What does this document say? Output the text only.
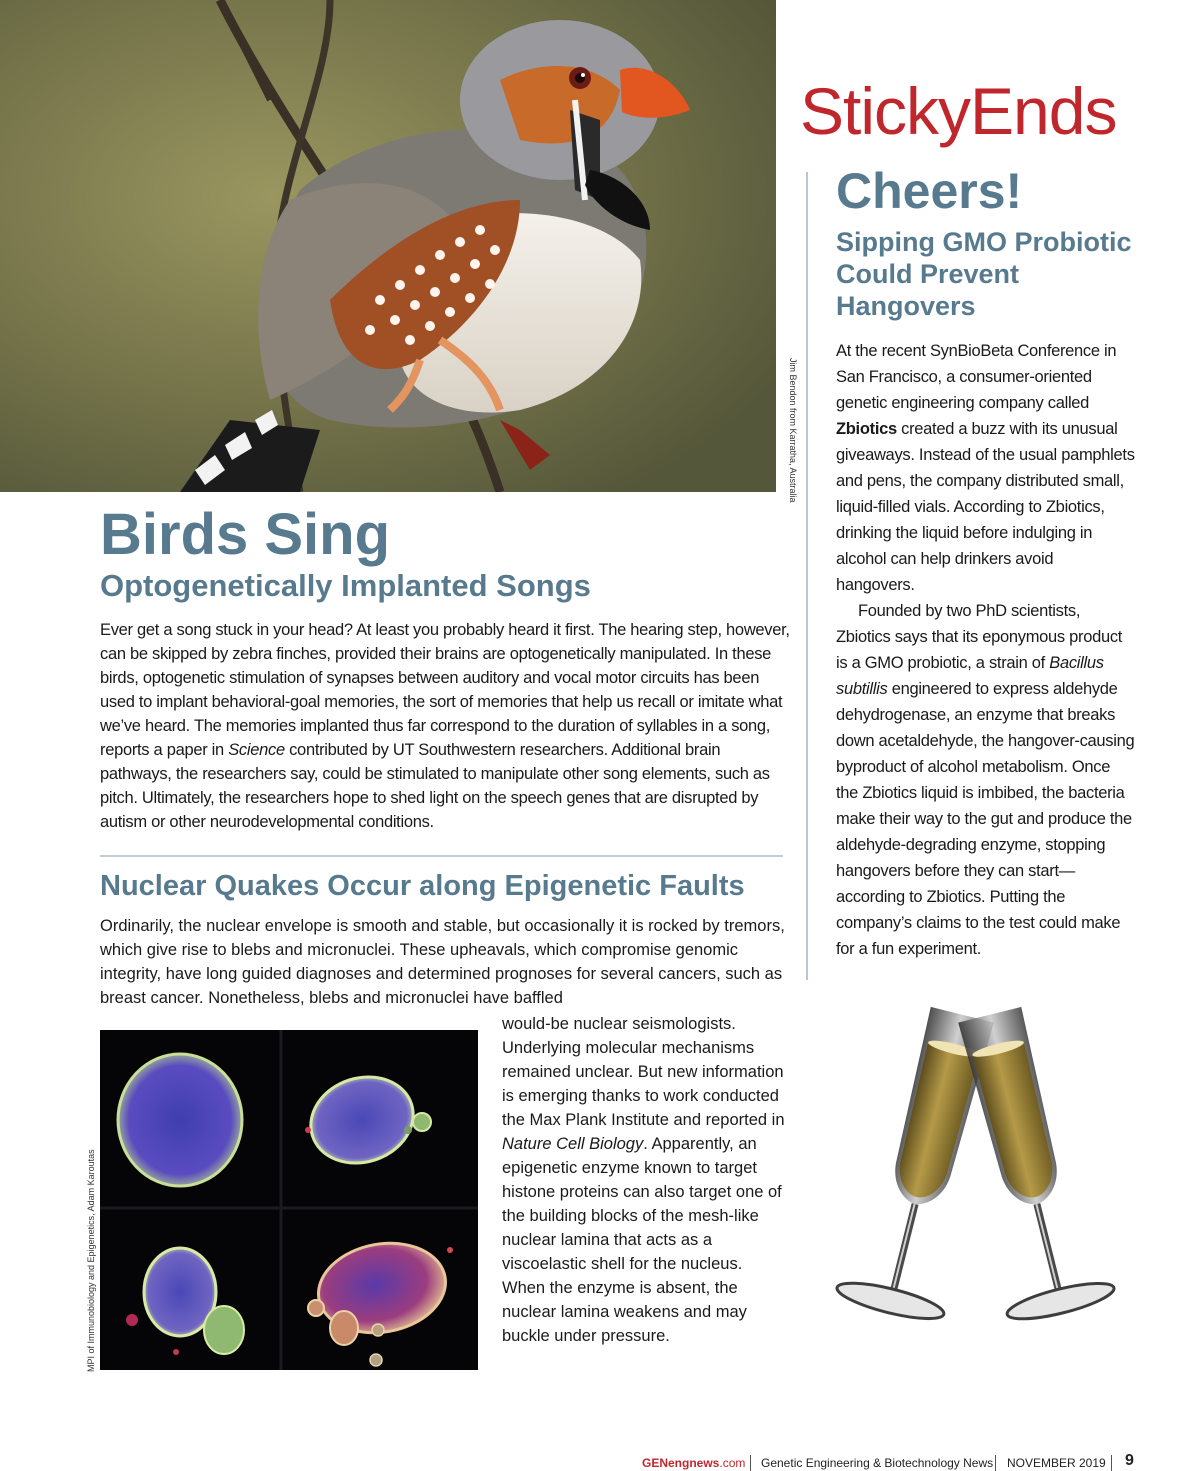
Jim Bendon from Karratha, Australia
StickyEnds
Cheers!
Sipping GMO Probiotic Could Prevent Hangovers

At the recent SynBioBeta Conference in San Francisco, a consumer-oriented genetic engineering company called Zbiotics created a buzz with its unusual giveaways. Instead of the usual pamphlets and pens, the company distributed small, liquid-filled vials. According to Zbiotics, drinking the liquid before indulging in alcohol can help drinkers avoid hangovers.

Founded by two PhD scientists, Zbiotics says that its eponymous product is a GMO probiotic, a strain of Bacillus subtillis engineered to express aldehyde dehydrogenase, an enzyme that breaks down acetaldehyde, the hangover-causing byproduct of alcohol metabolism. Once the Zbiotics liquid is imbibed, the bacteria make their way to the gut and produce the aldehyde-degrading enzyme, stopping hangovers before they can start—according to Zbiotics. Putting the company’s claims to the test could make for a fun experiment.

Birds Sing
Optogenetically Implanted Songs

Ever get a song stuck in your head? At least you probably heard it first. The hearing step, however, can be skipped by zebra finches, provided their brains are optogenetically manipulated. In these birds, optogenetic stimulation of synapses between auditory and vocal motor circuits has been used to implant behavioral-goal memories, the sort of memories that help us recall or imitate what we’ve heard. The memories implanted thus far correspond to the duration of syllables in a song, reports a paper in Science contributed by UT Southwestern researchers. Additional brain pathways, the researchers say, could be stimulated to manipulate other song elements, such as pitch. Ultimately, the researchers hope to shed light on the speech genes that are disrupted by autism or other neurodevelopmental conditions.

Nuclear Quakes Occur along Epigenetic Faults

Ordinarily, the nuclear envelope is smooth and stable, but occasionally it is rocked by tremors, which give rise to blebs and micronuclei. These upheavals, which compromise genomic integrity, have long guided diagnoses and determined prognoses for several cancers, such as breast cancer. Nonetheless, blebs and micronuclei have baffled

would-be nuclear seismologists. Underlying molecular mechanisms remained unclear. But new information is emerging thanks to work conducted the Max Plank Institute and reported in Nature Cell Biology. Apparently, an epigenetic enzyme known to target histone proteins can also target one of the building blocks of the mesh-like nuclear lamina that acts as a viscoelastic shell for the nucleus. When the enzyme is absent, the nuclear lamina weakens and may buckle under pressure.

MPI of Immunobiology and Epigenetics, Adam Karoutas
GENengnews.com Genetic Engineering & Biotechnology News NOVEMBER 2019 9
